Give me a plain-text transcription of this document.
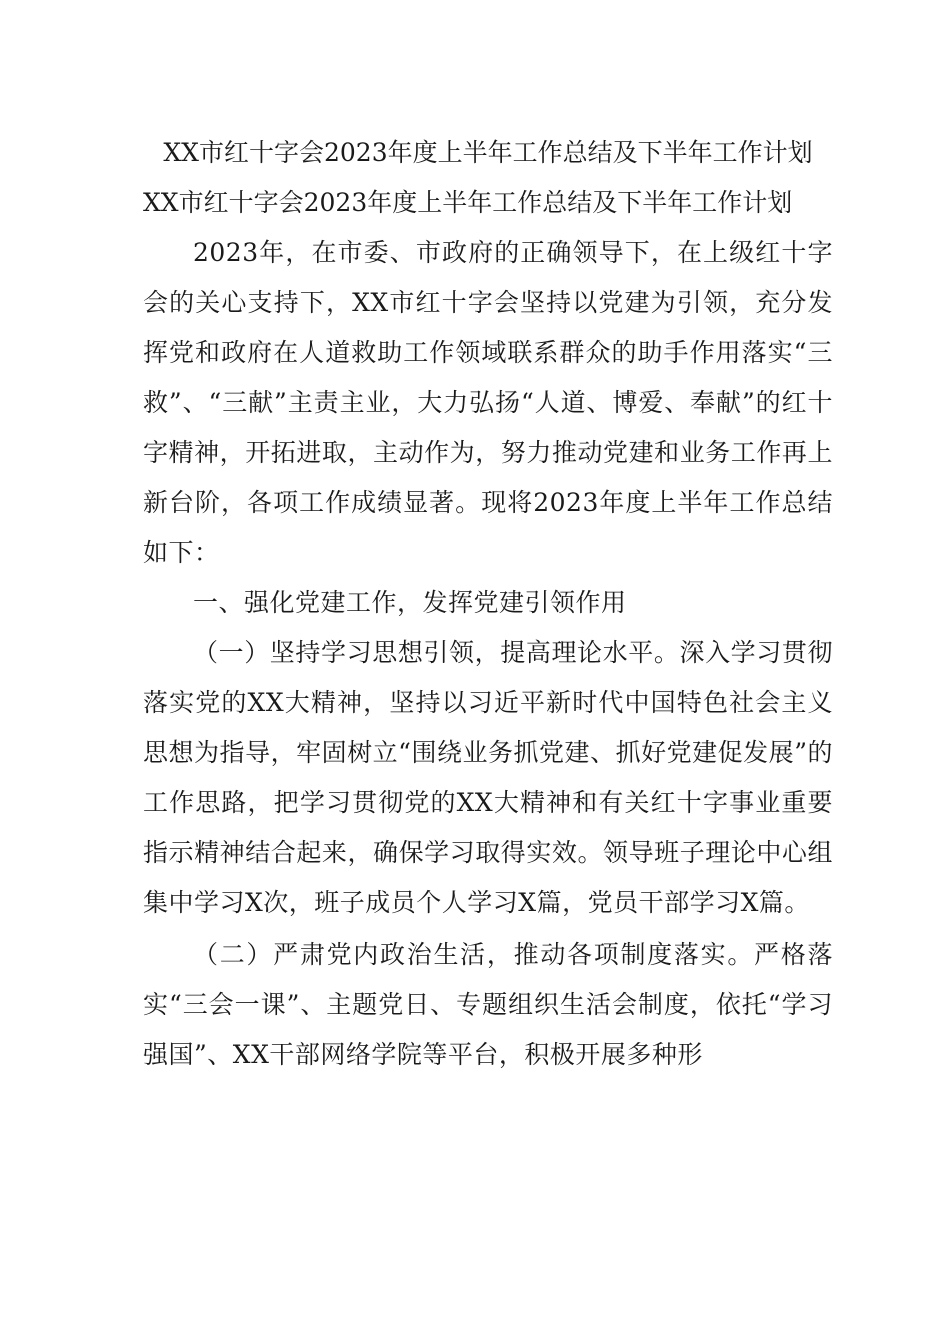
XX市红十字会2023年度上半年工作总结及下半年工作计划

XX市红十字会2023年度上半年工作总结及下半年工作计划

2023年，在市委、市政府的正确领导下，在上级红十字会的关心支持下，XX市红十字会坚持以党建为引领，充分发挥党和政府在人道救助工作领域联系群众的助手作用落实“三救”、“三献”主责主业，大力弘扬“人道、博爱、奉献”的红十字精神，开拓进取，主动作为，努力推动党建和业务工作再上新台阶，各项工作成绩显著。现将2023年度上半年工作总结如下：

一、强化党建工作，发挥党建引领作用

（一）坚持学习思想引领，提高理论水平。深入学习贯彻落实党的XX大精神，坚持以习近平新时代中国特色社会主义思想为指导，牢固树立“围绕业务抓党建、抓好党建促发展”的工作思路，把学习贯彻党的XX大精神和有关红十字事业重要指示精神结合起来，确保学习取得实效。领导班子理论中心组集中学习X次，班子成员个人学习X篇，党员干部学习X篇。

（二）严肃党内政治生活，推动各项制度落实。严格落实“三会一课”、主题党日、专题组织生活会制度，依托“学习强国”、XX干部网络学院等平台，积极开展多种形
